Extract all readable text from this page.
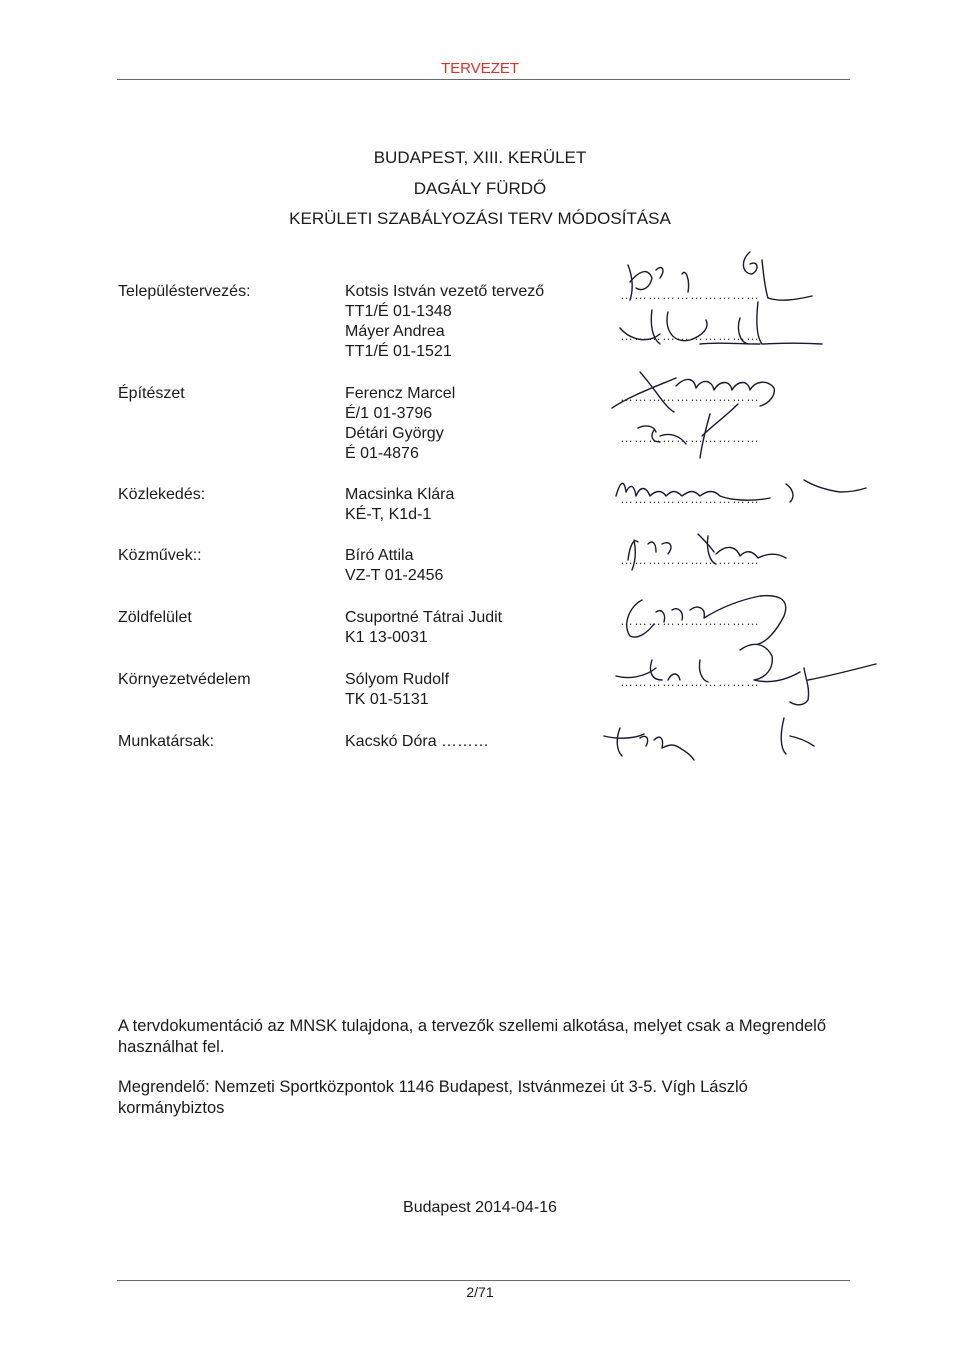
TERVEZET
BUDAPEST, XIII. KERÜLET
DAGÁLY FÜRDŐ
KERÜLETI SZABÁLYOZÁSI TERV MÓDOSÍTÁSA
Településtervezés:	Kotsis István vezető tervező
TT1/É 01-1348
Máyer Andrea
TT1/É 01-1521
Építészet	Ferencz Marcel
É/1 01-3796
Détári György
É 01-4876
Közlekedés:	Macsinka Klára
KÉ-T, K1d-1
Közművek::	Bíró Attila
VZ-T 01-2456
Zöldfelület	Csuportné Tátrai Judit
K1 13-0031
Környezetvédelem	Sólyom Rudolf
TK 01-5131
Munkatársak:	Kacskó Dóra ………
…………………………
…………………………
…………………………
…………………………
…………………………
…………………………
…………………………
…………………………
A tervdokumentáció az MNSK tulajdona, a tervezők szellemi alkotása, melyet csak a Megrendelő használhat fel.
Megrendelő: Nemzeti Sportközpontok 1146 Budapest, Istvánmezei út 3-5. Vígh László kormánybiztos
Budapest 2014-04-16
2/71
